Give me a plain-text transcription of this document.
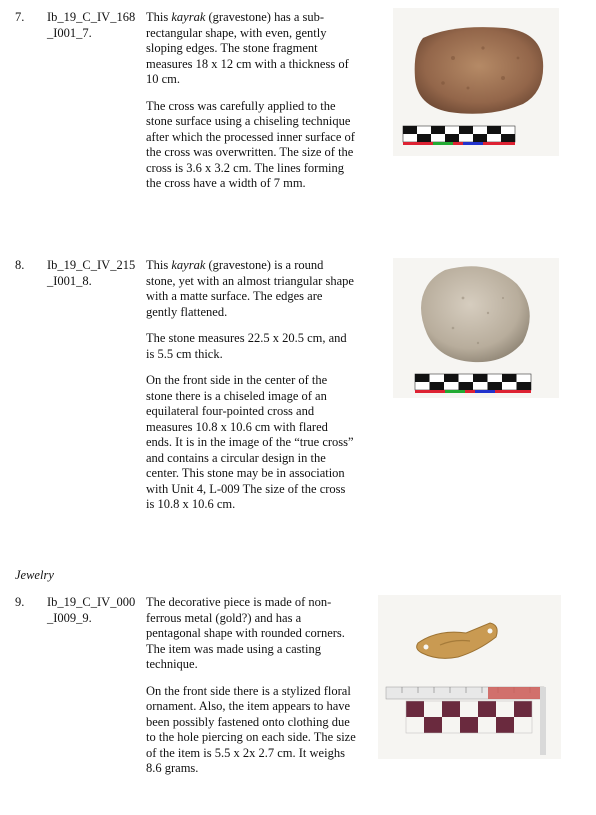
7. Ib_19_C_IV_168_I001_7.

This kayrak (gravestone) has a sub-rectangular shape, with even, gently sloping edges. The stone fragment measures 18 x 12 cm with a thickness of 10 cm.

The cross was carefully applied to the stone surface using a chiseling technique after which the processed inner surface of the cross was overwritten. The size of the cross is 3.6 x 3.2 cm. The lines forming the cross have a width of 7 mm.

8. Ib_19_C_IV_215_I001_8.

This kayrak (gravestone) is a round stone, yet with an almost triangular shape with a matte surface. The edges are gently flattened.

The stone measures 22.5 x 20.5 cm, and is 5.5 cm thick.

On the front side in the center of the stone there is a chiseled image of an equilateral four-pointed cross and measures 10.8 x 10.6 cm with flared ends. It is in the image of the “true cross” and contains a circular design in the center. This stone may be in association with Unit 4, L-009 The size of the cross is 10.8 x 10.6 cm.

Jewelry
9. Ib_19_C_IV_000_I009_9.

The decorative piece is made of non-ferrous metal (gold?) and has a pentagonal shape with rounded corners. The item was made using a casting technique.

On the front side there is a stylized floral ornament. Also, the item appears to have been possibly fastened onto clothing due to the hole piercing on each side. The size of the item is 5.5 x 2x 2.7 cm. It weighs 8.6 grams.
